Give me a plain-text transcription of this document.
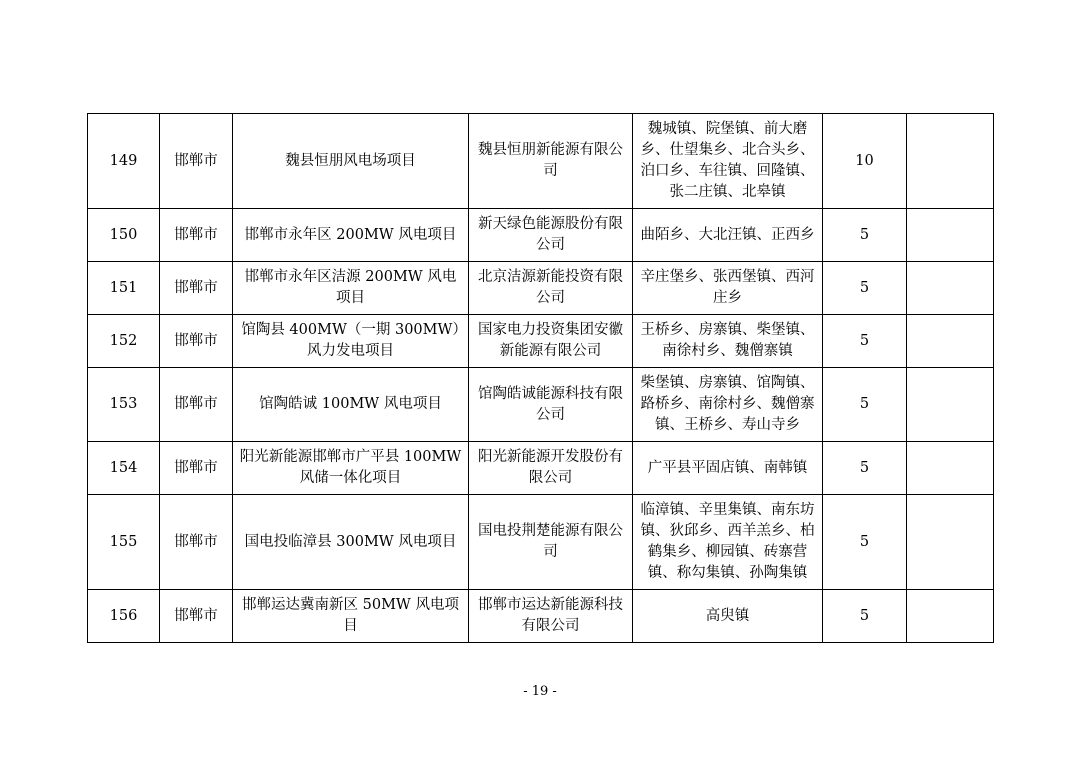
149	邯郸市	魏县恒朋风电场项目	魏县恒朋新能源有限公司	魏城镇、院堡镇、前大磨乡、仕望集乡、北合头乡、泊口乡、车往镇、回隆镇、张二庄镇、北皋镇	10	
150	邯郸市	邯郸市永年区 200MW 风电项目	新天绿色能源股份有限公司	曲陌乡、大北汪镇、正西乡	5	
151	邯郸市	邯郸市永年区洁源 200MW 风电项目	北京洁源新能投资有限公司	辛庄堡乡、张西堡镇、西河庄乡	5	
152	邯郸市	馆陶县 400MW（一期 300MW）风力发电项目	国家电力投资集团安徽新能源有限公司	王桥乡、房寨镇、柴堡镇、南徐村乡、魏僧寨镇	5	
153	邯郸市	馆陶皓诚 100MW 风电项目	馆陶皓诚能源科技有限公司	柴堡镇、房寨镇、馆陶镇、路桥乡、南徐村乡、魏僧寨镇、王桥乡、寿山寺乡	5	
154	邯郸市	阳光新能源邯郸市广平县 100MW 风储一体化项目	阳光新能源开发股份有限公司	广平县平固店镇、南韩镇	5	
155	邯郸市	国电投临漳县 300MW 风电项目	国电投荆楚能源有限公司	临漳镇、辛里集镇、南东坊镇、狄邱乡、西羊羔乡、柏鹤集乡、柳园镇、砖寨营镇、称勾集镇、孙陶集镇	5	
156	邯郸市	邯郸运达冀南新区 50MW 风电项目	邯郸市运达新能源科技有限公司	高臾镇	5	
- 19 -
